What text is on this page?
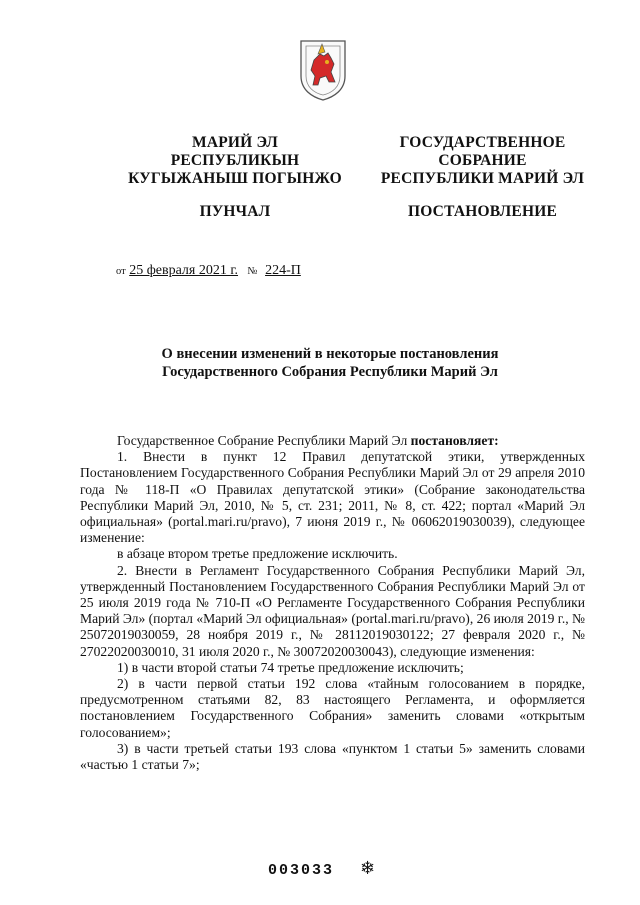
МАРИЙ ЭЛ
РЕСПУБЛИКЫН
КУГЫЖАНЫШ ПОГЫНЖО
ПУНЧАЛ
ГОСУДАРСТВЕННОЕ
СОБРАНИЕ
РЕСПУБЛИКИ МАРИЙ ЭЛ
ПОСТАНОВЛЕНИЕ
от 25 февраля 2021 г. № 224-П
О внесении изменений в некоторые постановления
Государственного Собрания Республики Марий Эл

Государственное Собрание Республики Марий Эл постановляет:

1. Внести в пункт 12 Правил депутатской этики, утвержденных Постановлением Государственного Собрания Республики Марий Эл от 29 апреля 2010 года № 118-П «О Правилах депутатской этики» (Собрание законодательства Республики Марий Эл, 2010, № 5, ст. 231; 2011, № 8, ст. 422; портал «Марий Эл официальная» (portal.mari.ru/pravo), 7 июня 2019 г., № 06062019030039), следующее изменение:

в абзаце втором третье предложение исключить.

2. Внести в Регламент Государственного Собрания Республики Марий Эл, утвержденный Постановлением Государственного Собрания Республики Марий Эл от 25 июля 2019 года № 710-П «О Регламенте Государственного Собрания Республики Марий Эл» (портал «Марий Эл официальная» (portal.mari.ru/pravo), 26 июля 2019 г., № 25072019030059, 28 ноября 2019 г., № 28112019030122; 27 февраля 2020 г., № 27022020030010, 31 июля 2020 г., № 30072020030043), следующие изменения:

1) в части второй статьи 74 третье предложение исключить;

2) в части первой статьи 192 слова «тайным голосованием в порядке, предусмотренном статьями 82, 83 настоящего Регламента, и оформляется постановлением Государственного Собрания» заменить словами «открытым голосованием»;

3) в части третьей статьи 193 слова «пунктом 1 статьи 5» заменить словами «частью 1 статьи 7»;

003033 ❄
